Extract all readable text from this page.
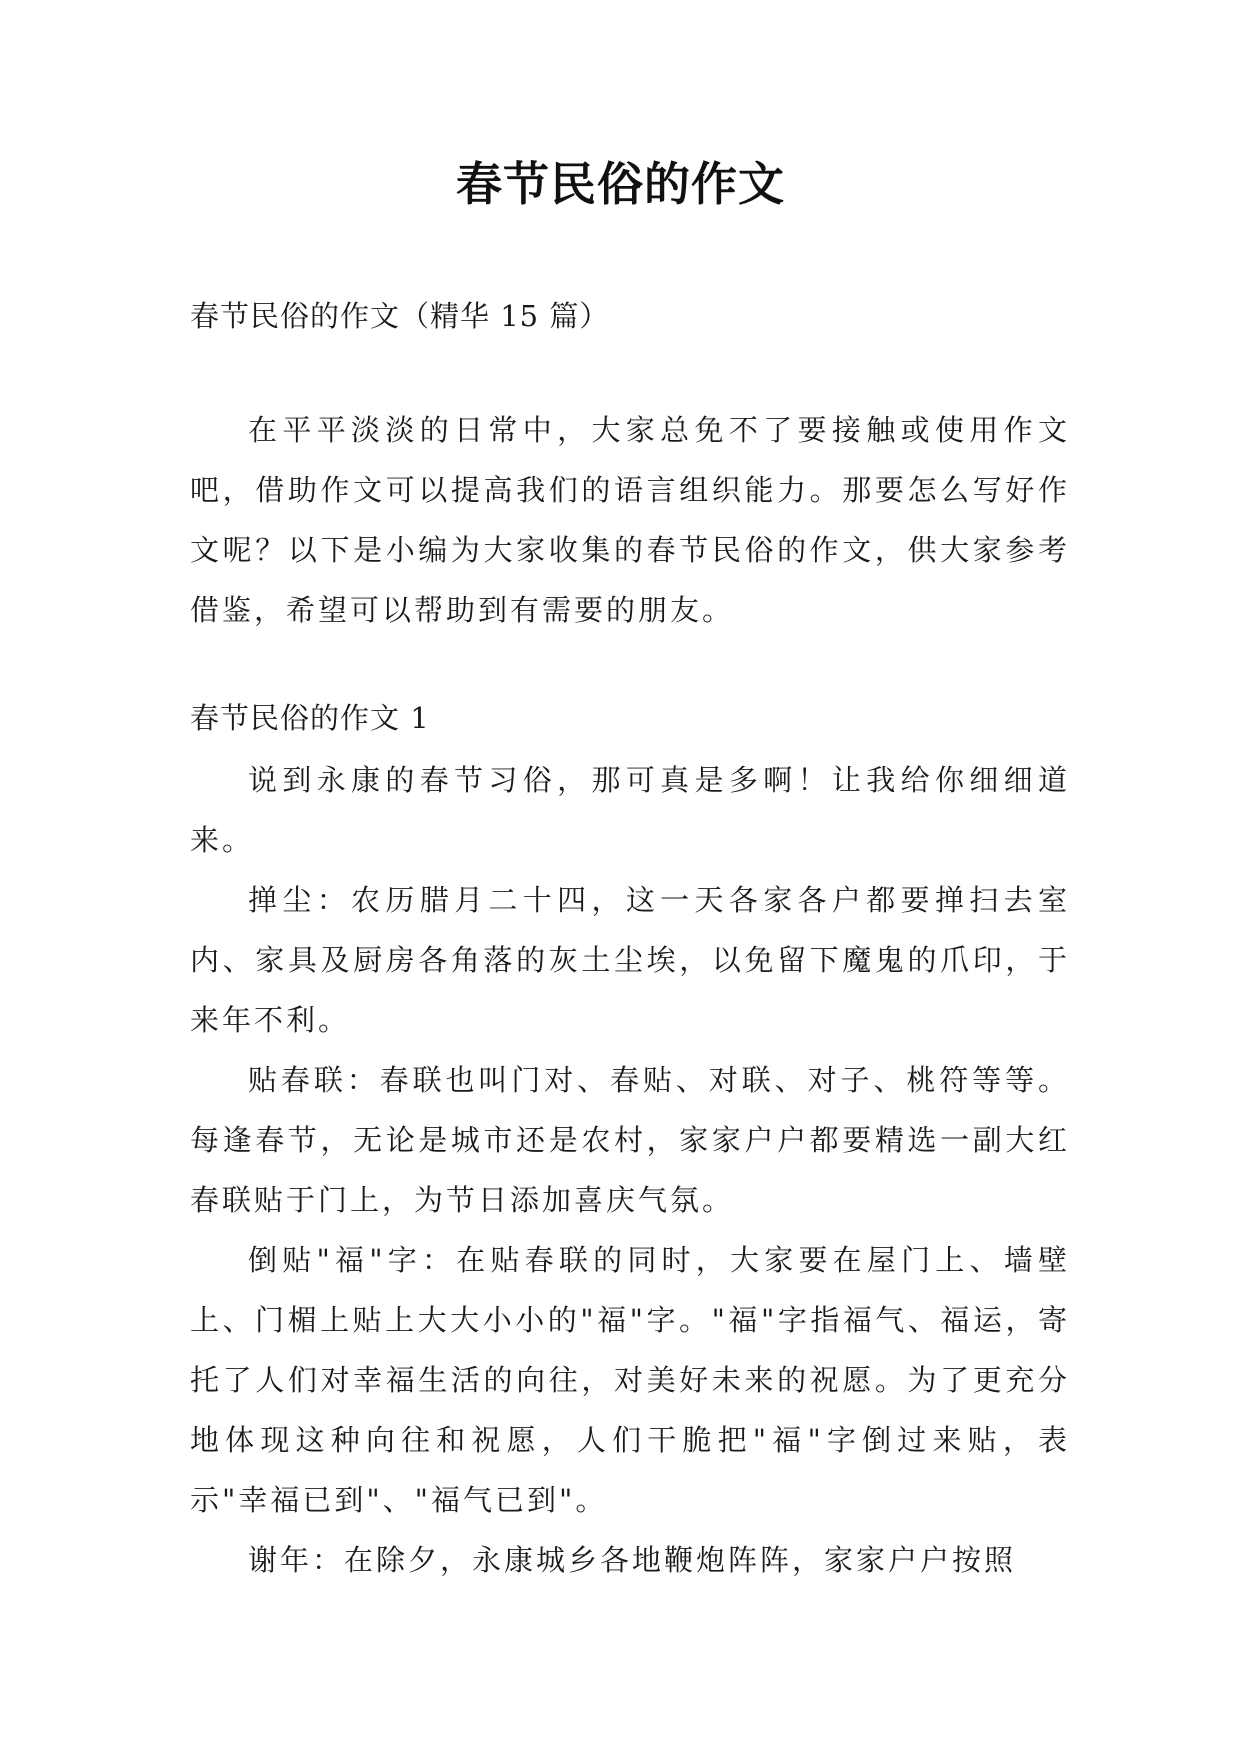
春节民俗的作文

春节民俗的作文（精华 15 篇）

在平平淡淡的日常中，大家总免不了要接触或使用作文吧，借助作文可以提高我们的语言组织能力。那要怎么写好作文呢？以下是小编为大家收集的春节民俗的作文，供大家参考借鉴，希望可以帮助到有需要的朋友。

春节民俗的作文 1

说到永康的春节习俗，那可真是多啊！让我给你细细道来。

掸尘：农历腊月二十四，这一天各家各户都要掸扫去室内、家具及厨房各角落的灰土尘埃，以免留下魔鬼的爪印，于来年不利。

贴春联：春联也叫门对、春贴、对联、对子、桃符等等。每逢春节，无论是城市还是农村，家家户户都要精选一副大红春联贴于门上，为节日添加喜庆气氛。

倒贴"福"字：在贴春联的同时，大家要在屋门上、墙壁上、门楣上贴上大大小小的"福"字。"福"字指福气、福运，寄托了人们对幸福生活的向往，对美好未来的祝愿。为了更充分地体现这种向往和祝愿，人们干脆把"福"字倒过来贴，表示"幸福已到"、"福气已到"。

谢年：在除夕，永康城乡各地鞭炮阵阵，家家户户按照
